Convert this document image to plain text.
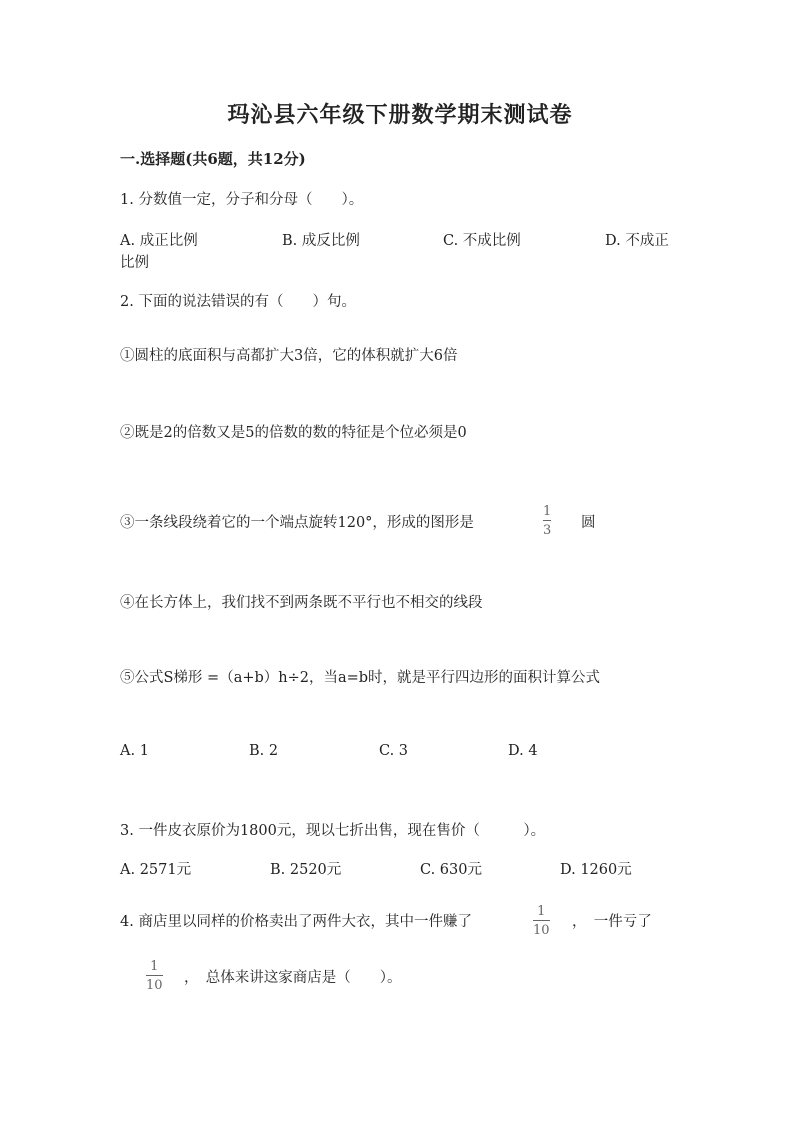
玛沁县六年级下册数学期末测试卷
一.选择题(共6题，共12分)
1. 分数值一定，分子和分母（　　）。
A. 成正比例	B. 成反比例	C. 不成比例	D. 不成正
比例
2. 下面的说法错误的有（　　）句。
①圆柱的底面积与高都扩大3倍，它的体积就扩大6倍
②既是2的倍数又是5的倍数的数的特征是个位必须是0
③一条线段绕着它的一个端点旋转120°，形成的图形是
1
3 圆
④在长方体上，我们找不到两条既不平行也不相交的线段
⑤公式S梯形 =（a+b）h÷2，当a=b时，就是平行四边形的面积计算公式
A. 1	B. 2	C. 3	D. 4
3. 一件皮衣原价为1800元，现以七折出售，现在售价（　　　）。
A. 2571元	B. 2520元	C. 630元	D. 1260元
4. 商店里以同样的价格卖出了两件大衣，其中一件赚了
1
10
，　一件亏了
1
10 ，　总体来讲这家商店是（　　）。
